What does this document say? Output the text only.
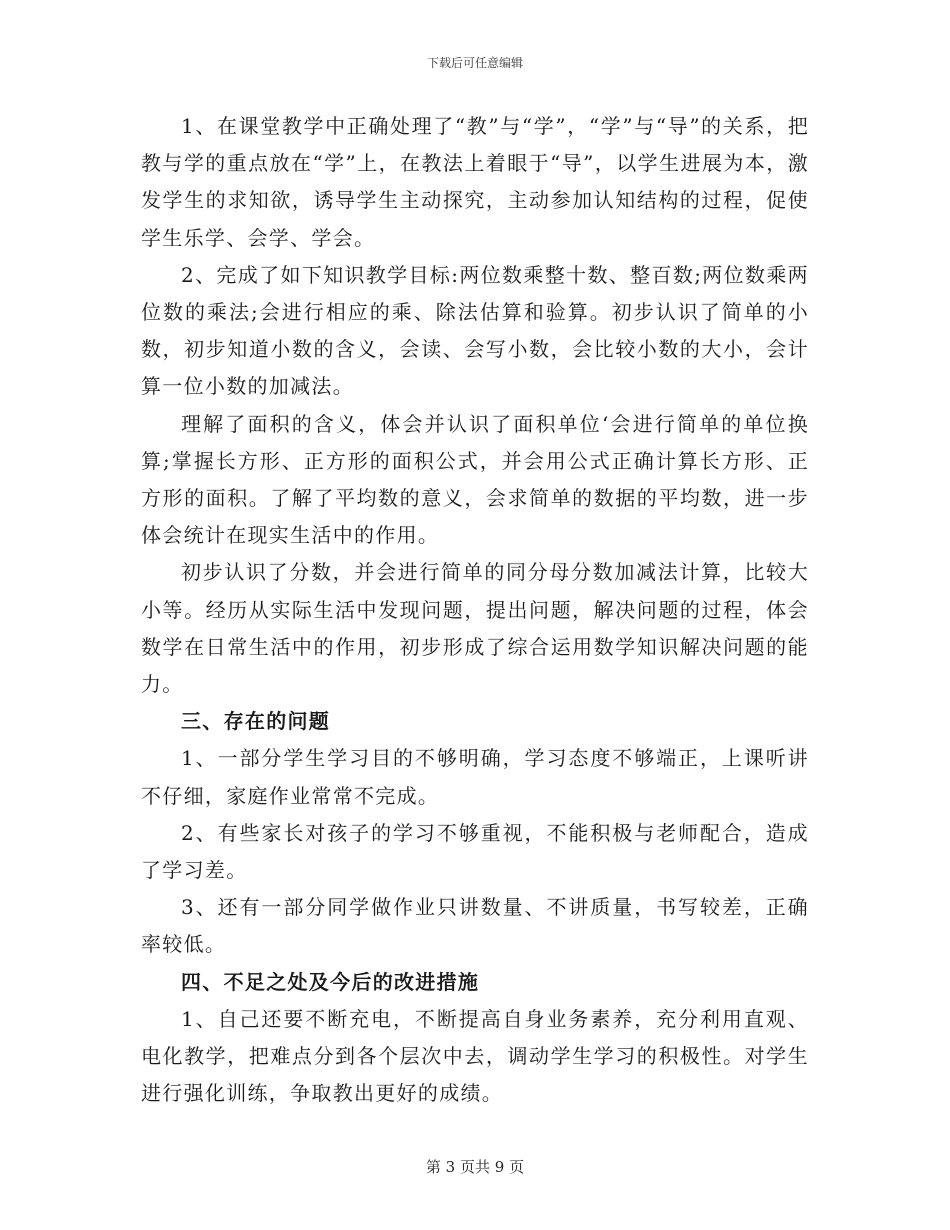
下载后可任意编辑

1、在课堂教学中正确处理了“教”与“学”，“学”与“导”的关系，把教与学的重点放在“学”上，在教法上着眼于“导”，以学生进展为本，激发学生的求知欲，诱导学生主动探究，主动参加认知结构的过程，促使学生乐学、会学、学会。

2、完成了如下知识教学目标:两位数乘整十数、整百数;两位数乘两位数的乘法;会进行相应的乘、除法估算和验算。初步认识了简单的小数，初步知道小数的含义，会读、会写小数，会比较小数的大小，会计算一位小数的加减法。

理解了面积的含义，体会并认识了面积单位‘会进行简单的单位换算;掌握长方形、正方形的面积公式，并会用公式正确计算长方形、正方形的面积。了解了平均数的意义，会求简单的数据的平均数，进一步体会统计在现实生活中的作用。

初步认识了分数，并会进行简单的同分母分数加减法计算，比较大小等。经历从实际生活中发现问题，提出问题，解决问题的过程，体会数学在日常生活中的作用，初步形成了综合运用数学知识解决问题的能力。

三、存在的问题

1、一部分学生学习目的不够明确，学习态度不够端正，上课听讲不仔细，家庭作业常常不完成。

2、有些家长对孩子的学习不够重视，不能积极与老师配合，造成了学习差。

3、还有一部分同学做作业只讲数量、不讲质量，书写较差，正确率较低。

四、不足之处及今后的改进措施

1、自己还要不断充电，不断提高自身业务素养，充分利用直观、电化教学，把难点分到各个层次中去，调动学生学习的积极性。对学生进行强化训练，争取教出更好的成绩。

第 3 页共 9 页
